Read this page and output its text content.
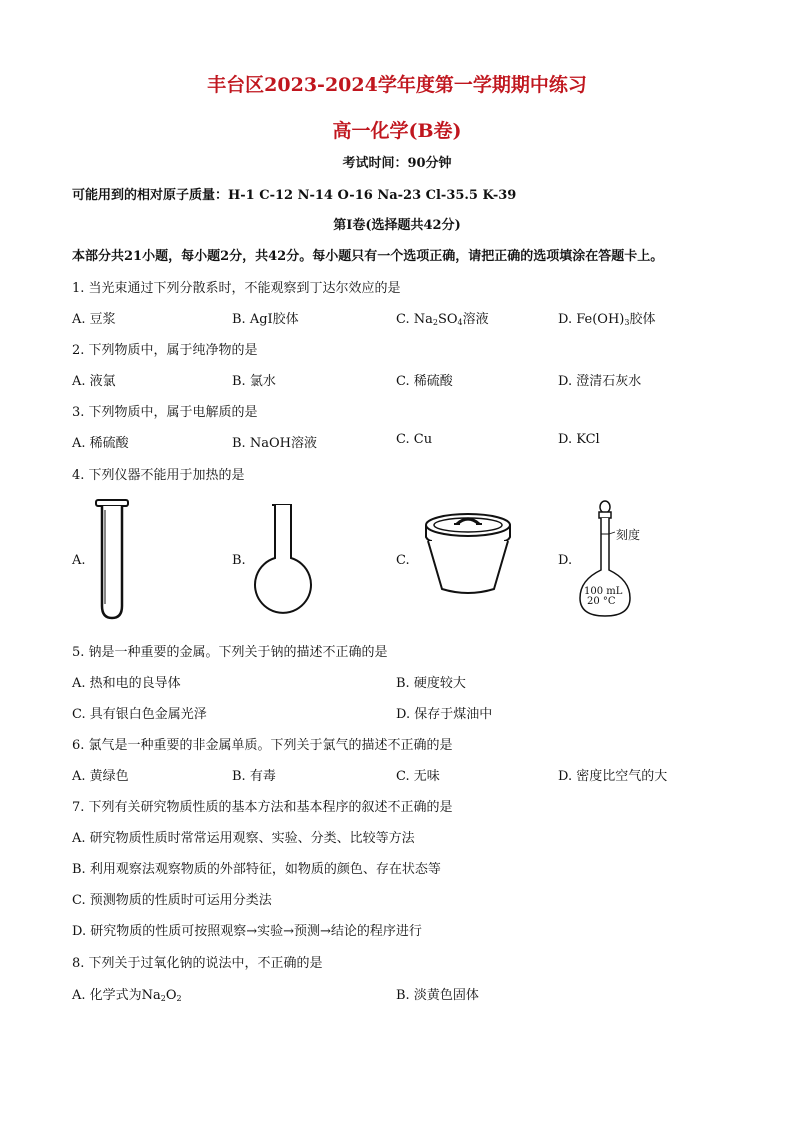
丰台区2023-2024学年度第一学期期中练习
高一化学(B卷)
考试时间：90分钟
可能用到的相对原子质量：H-1 C-12 N-14 O-16 Na-23 Cl-35.5 K-39
第Ⅰ卷(选择题共42分)
本部分共21小题，每小题2分，共42分。每小题只有一个选项正确，请把正确的选项填涂在答题卡上。
1. 当光束通过下列分散系时，不能观察到丁达尔效应的是
A. 豆浆	B. AgI胶体	C. $Na_2SO_4$溶液	D. $Fe(OH)_3$胶体
2. 下列物质中，属于纯净物的是
A. 液氯	B. 氯水	C. 稀硫酸	D. 澄清石灰水
3. 下列物质中，属于电解质的是
A. 稀硫酸	B. NaOH溶液	C. Cu	D. KCl
4. 下列仪器不能用于加热的是
A.	B.	C.	D.
100 mL
20 °C
刻度
5. 钠是一种重要的金属。下列关于钠的描述不正确的是
A. 热和电的良导体	B. 硬度较大
C. 具有银白色金属光泽	D. 保存于煤油中
6. 氯气是一种重要的非金属单质。下列关于氯气的描述不正确的是
A. 黄绿色	B. 有毒	C. 无味	D. 密度比空气的大
7. 下列有关研究物质性质的基本方法和基本程序的叙述不正确的是
A. 研究物质性质时常常运用观察、实验、分类、比较等方法
B. 利用观察法观察物质的外部特征，如物质的颜色、存在状态等
C. 预测物质的性质时可运用分类法
D. 研究物质的性质可按照观察→实验→预测→结论的程序进行
8. 下列关于过氧化钠的说法中，不正确的是
A. 化学式为$Na_2O_2$	B. 淡黄色固体
